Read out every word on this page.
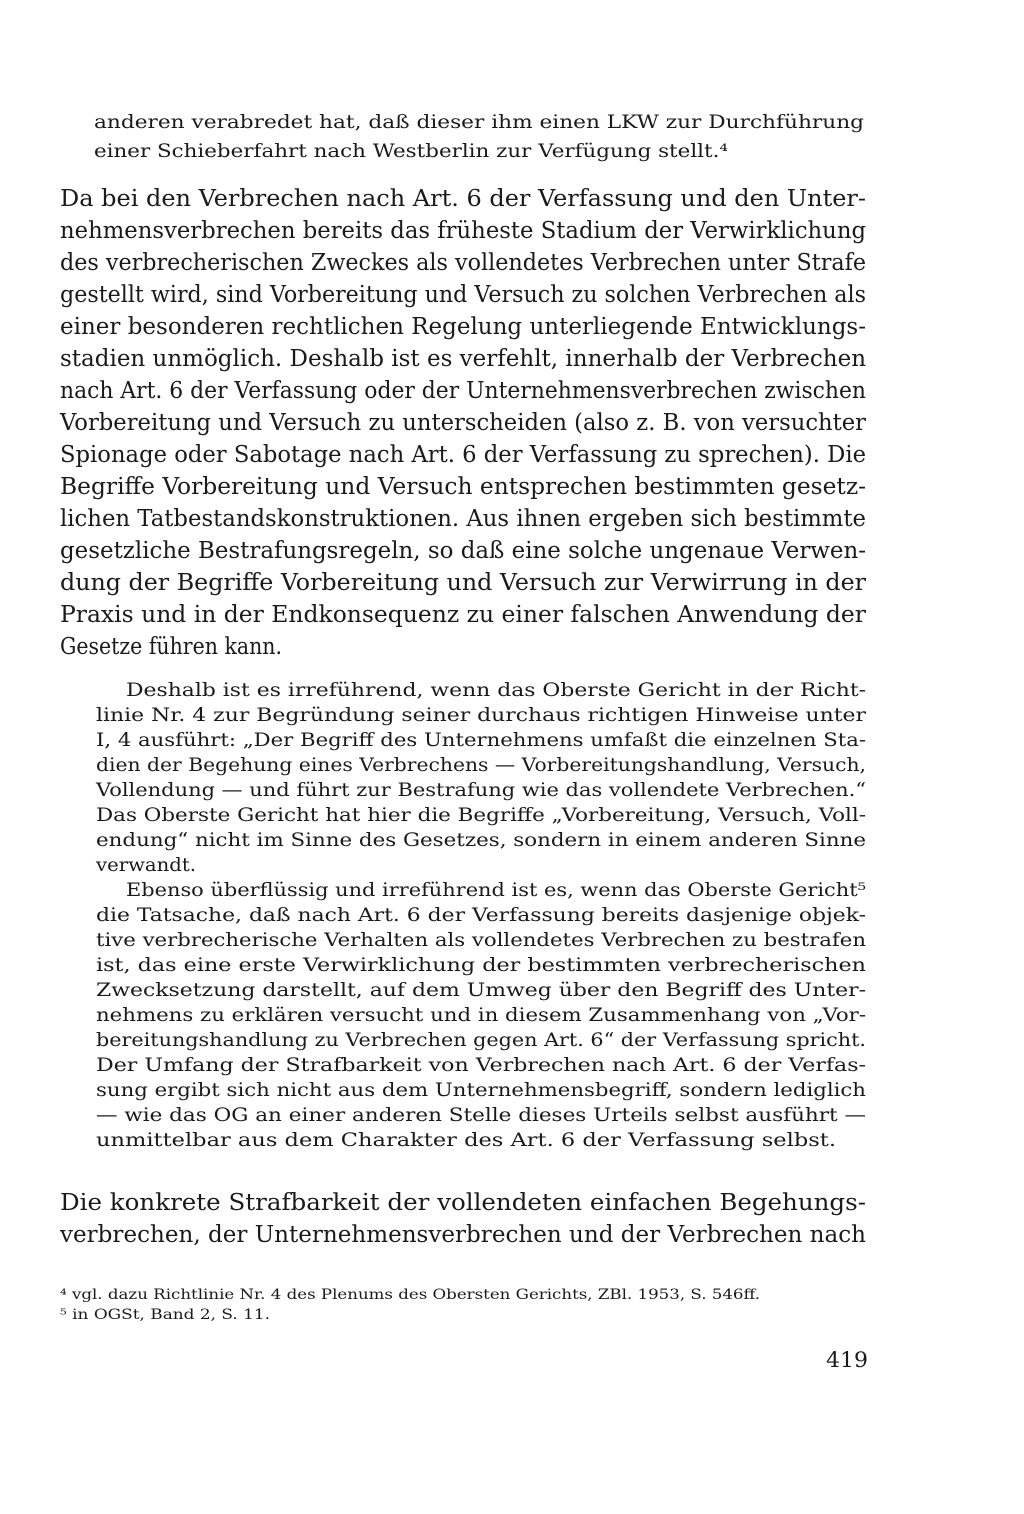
anderen verabredet hat, daß dieser ihm einen LKW zur Durchführung
einer Schieberfahrt nach Westberlin zur Verfügung stellt.⁴
Da bei den Verbrechen nach Art. 6 der Verfassung und den Unter-
nehmensverbrechen bereits das früheste Stadium der Verwirklichung
des verbrecherischen Zweckes als vollendetes Verbrechen unter Strafe
gestellt wird, sind Vorbereitung und Versuch zu solchen Verbrechen als
einer besonderen rechtlichen Regelung unterliegende Entwicklungs-
stadien unmöglich. Deshalb ist es verfehlt, innerhalb der Verbrechen
nach Art. 6 der Verfassung oder der Unternehmensverbrechen zwischen
Vorbereitung und Versuch zu unterscheiden (also z. B. von versuchter
Spionage oder Sabotage nach Art. 6 der Verfassung zu sprechen). Die
Begriffe Vorbereitung und Versuch entsprechen bestimmten gesetz-
lichen Tatbestandskonstruktionen. Aus ihnen ergeben sich bestimmte
gesetzliche Bestrafungsregeln, so daß eine solche ungenaue Verwen-
dung der Begriffe Vorbereitung und Versuch zur Verwirrung in der
Praxis und in der Endkonsequenz zu einer falschen Anwendung der
Gesetze führen kann.
Deshalb ist es irreführend, wenn das Oberste Gericht in der Richt-
linie Nr. 4 zur Begründung seiner durchaus richtigen Hinweise unter
I, 4 ausführt: „Der Begriff des Unternehmens umfaßt die einzelnen Sta-
dien der Begehung eines Verbrechens — Vorbereitungshandlung, Versuch,
Vollendung — und führt zur Bestrafung wie das vollendete Verbrechen.“
Das Oberste Gericht hat hier die Begriffe „Vorbereitung, Versuch, Voll-
endung“ nicht im Sinne des Gesetzes, sondern in einem anderen Sinne
verwandt.
Ebenso überflüssig und irreführend ist es, wenn das Oberste Gericht⁵
die Tatsache, daß nach Art. 6 der Verfassung bereits dasjenige objek-
tive verbrecherische Verhalten als vollendetes Verbrechen zu bestrafen
ist, das eine erste Verwirklichung der bestimmten verbrecherischen
Zwecksetzung darstellt, auf dem Umweg über den Begriff des Unter-
nehmens zu erklären versucht und in diesem Zusammenhang von „Vor-
bereitungshandlung zu Verbrechen gegen Art. 6“ der Verfassung spricht.
Der Umfang der Strafbarkeit von Verbrechen nach Art. 6 der Verfas-
sung ergibt sich nicht aus dem Unternehmensbegriff, sondern lediglich
— wie das OG an einer anderen Stelle dieses Urteils selbst ausführt —
unmittelbar aus dem Charakter des Art. 6 der Verfassung selbst.
Die konkrete Strafbarkeit der vollendeten einfachen Begehungs-
verbrechen, der Unternehmensverbrechen und der Verbrechen nach
⁴ vgl. dazu Richtlinie Nr. 4 des Plenums des Obersten Gerichts, ZBl. 1953, S. 546ff.
⁵ in OGSt, Band 2, S. 11.
419
